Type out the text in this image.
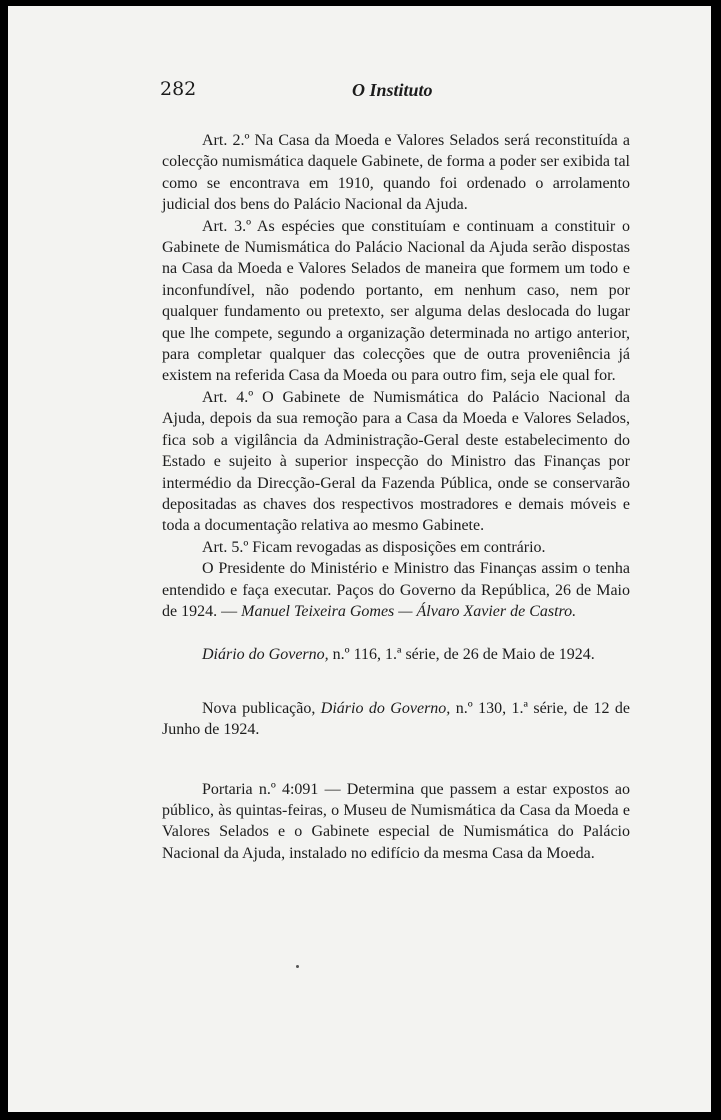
282	O Instituto

Art. 2.º Na Casa da Moeda e Valores Selados será reconstituída a colecção numismática daquele Gabinete, de forma a poder ser exibida tal como se encontrava em 1910, quando foi ordenado o arrolamento judicial dos bens do Palácio Nacional da Ajuda.

Art. 3.º As espécies que constituíam e continuam a constituir o Gabinete de Numismática do Palácio Nacional da Ajuda serão dispostas na Casa da Moeda e Valores Selados de maneira que formem um todo e inconfundível, não podendo portanto, em nenhum caso, nem por qualquer fundamento ou pretexto, ser alguma delas deslocada do lugar que lhe compete, segundo a organização determinada no artigo anterior, para completar qualquer das colecções que de outra proveniência já existem na referida Casa da Moeda ou para outro fim, seja ele qual for.

Art. 4.º O Gabinete de Numismática do Palácio Nacional da Ajuda, depois da sua remoção para a Casa da Moeda e Valores Selados, fica sob a vigilância da Administração-Geral deste estabelecimento do Estado e sujeito à superior inspecção do Ministro das Finanças por intermédio da Direcção-Geral da Fazenda Pública, onde se conservarão depositadas as chaves dos respectivos mostradores e demais móveis e toda a documentação relativa ao mesmo Gabinete.

Art. 5.º Ficam revogadas as disposições em contrário.

O Presidente do Ministério e Ministro das Finanças assim o tenha entendido e faça executar. Paços do Governo da República, 26 de Maio de 1924. — Manuel Teixeira Gomes — Álvaro Xavier de Castro.

Diário do Governo, n.º 116, 1.ª série, de 26 de Maio de 1924.

Nova publicação, Diário do Governo, n.º 130, 1.ª série, de 12 de Junho de 1924.

Portaria n.º 4:091 — Determina que passem a estar expostos ao público, às quintas-feiras, o Museu de Numismática da Casa da Moeda e Valores Selados e o Gabinete especial de Numismática do Palácio Nacional da Ajuda, instalado no edifício da mesma Casa da Moeda.
